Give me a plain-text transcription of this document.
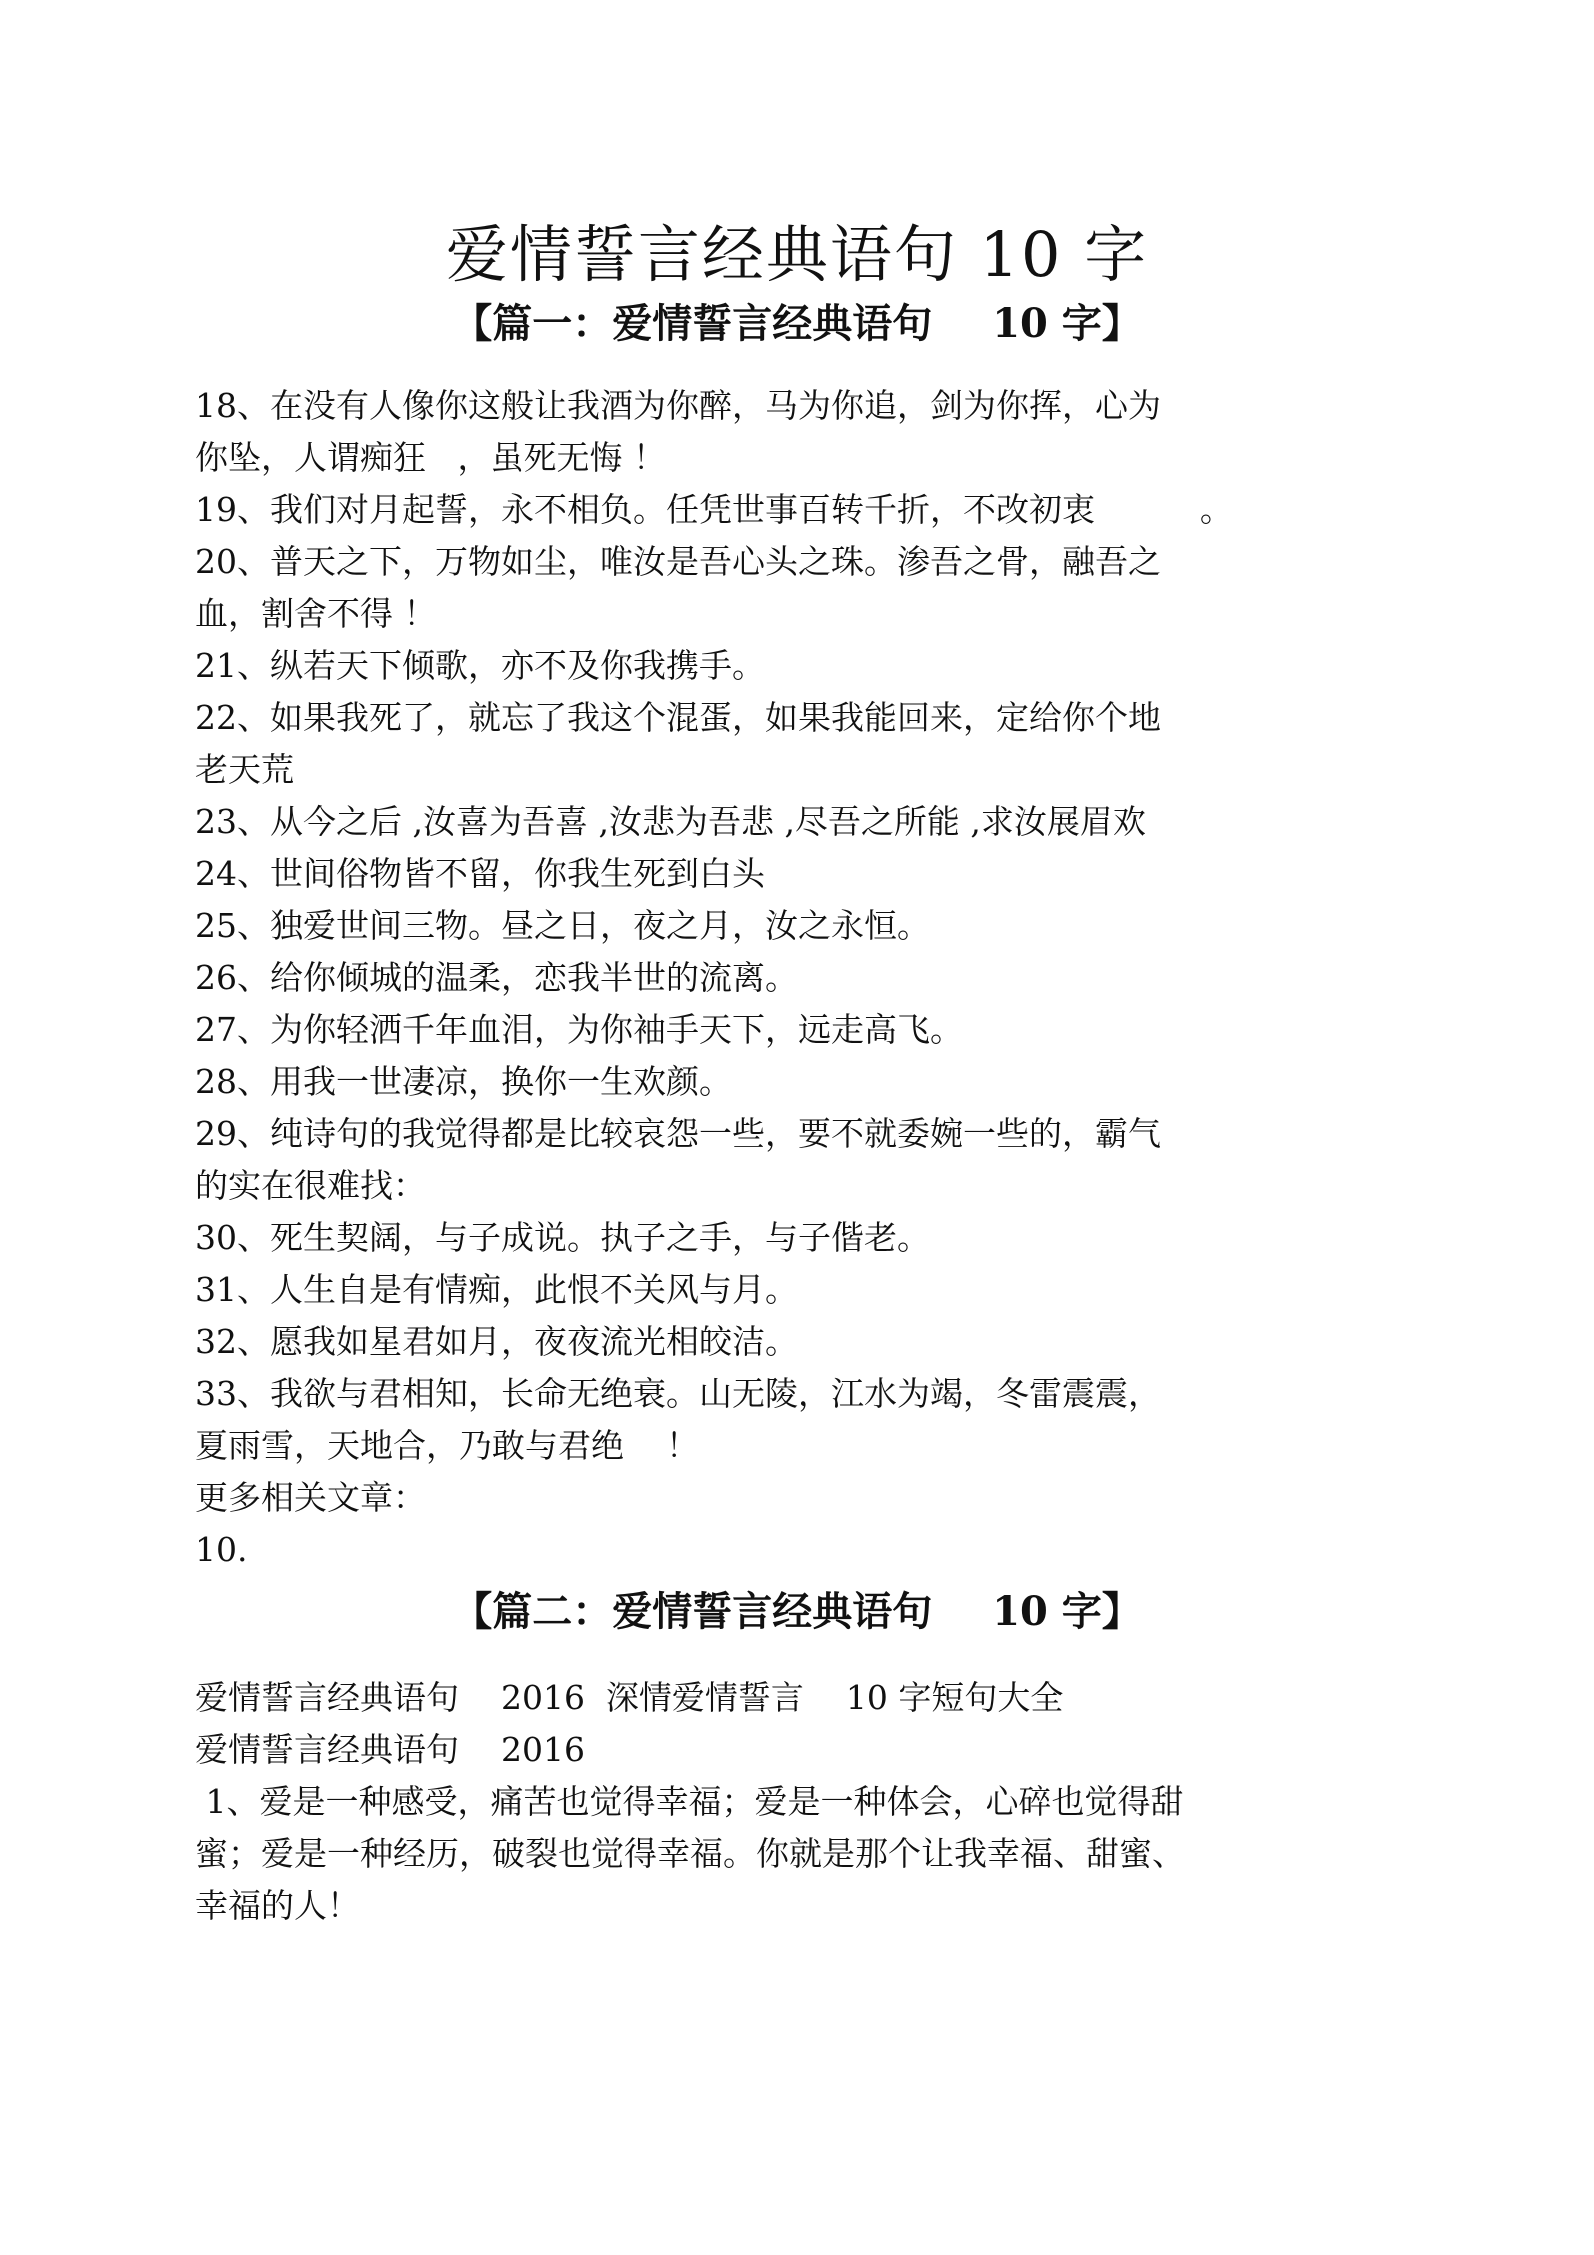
爱情誓言经典语句 10 字
【篇一：爱情誓言经典语句 10 字】
18、在没有人像你这般让我酒为你醉，马为你追，剑为你挥，心为
你坠，人谓痴狂   ，虽死无悔 ！
19、我们对月起誓，永不相负。任凭世事百转千折，不改初衷          。
20、普天之下，万物如尘，唯汝是吾心头之珠。渗吾之骨，融吾之
血，割舍不得 ！
21、纵若天下倾歌，亦不及你我携手。
22、如果我死了，就忘了我这个混蛋，如果我能回来，定给你个地
老天荒
23、从今之后 ,汝喜为吾喜 ,汝悲为吾悲 ,尽吾之所能 ,求汝展眉欢
24、世间俗物皆不留，你我生死到白头
25、独爱世间三物。昼之日，夜之月，汝之永恒。
26、给你倾城的温柔，恋我半世的流离。
27、为你轻洒千年血泪，为你袖手天下，远走高飞。
28、用我一世凄凉，换你一生欢颜。
29、纯诗句的我觉得都是比较哀怨一些，要不就委婉一些的，霸气
的实在很难找：
30、死生契阔，与子成说。执子之手，与子偕老。
31、人生自是有情痴，此恨不关风与月。
32、愿我如星君如月，夜夜流光相皎洁。
33、我欲与君相知，长命无绝衰。山无陵，江水为竭，冬雷震震，
夏雨雪，天地合，乃敢与君绝    ！
更多相关文章：
10.
【篇二：爱情誓言经典语句 10 字】
爱情誓言经典语句    2016  深情爱情誓言    10 字短句大全
爱情誓言经典语句    2016
1、爱是一种感受，痛苦也觉得幸福；爱是一种体会，心碎也觉得甜
蜜；爱是一种经历，破裂也觉得幸福。你就是那个让我幸福、甜蜜、
幸福的人！
